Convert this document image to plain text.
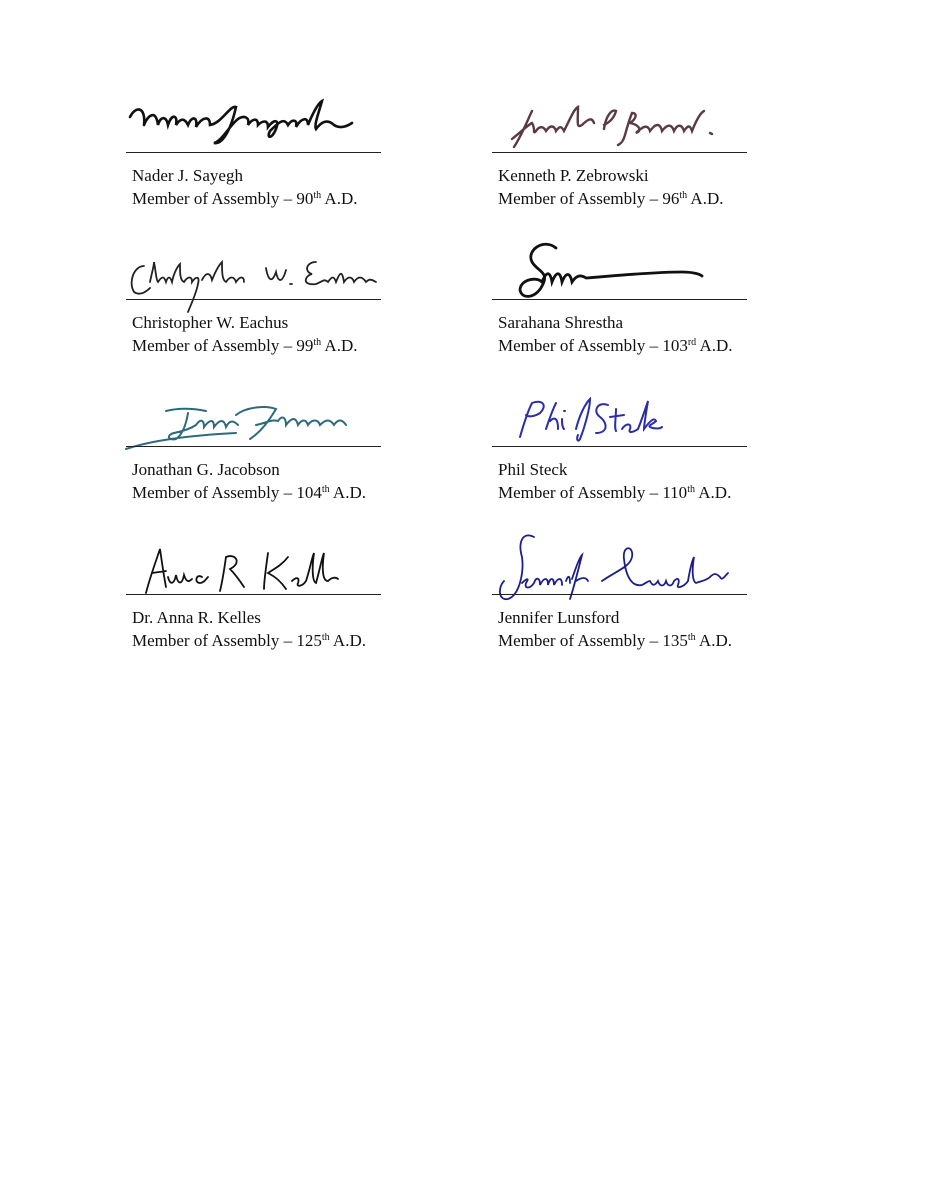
Nader J. Sayegh
Member of Assembly – 90th A.D.
Kenneth P. Zebrowski
Member of Assembly – 96th A.D.
Christopher W. Eachus
Member of Assembly – 99th A.D.
Sarahana Shrestha
Member of Assembly – 103rd A.D.
Jonathan G. Jacobson
Member of Assembly – 104th A.D.
Phil Steck
Member of Assembly – 110th A.D.
Dr. Anna R. Kelles
Member of Assembly – 125th A.D.
Jennifer Lunsford
Member of Assembly – 135th A.D.
